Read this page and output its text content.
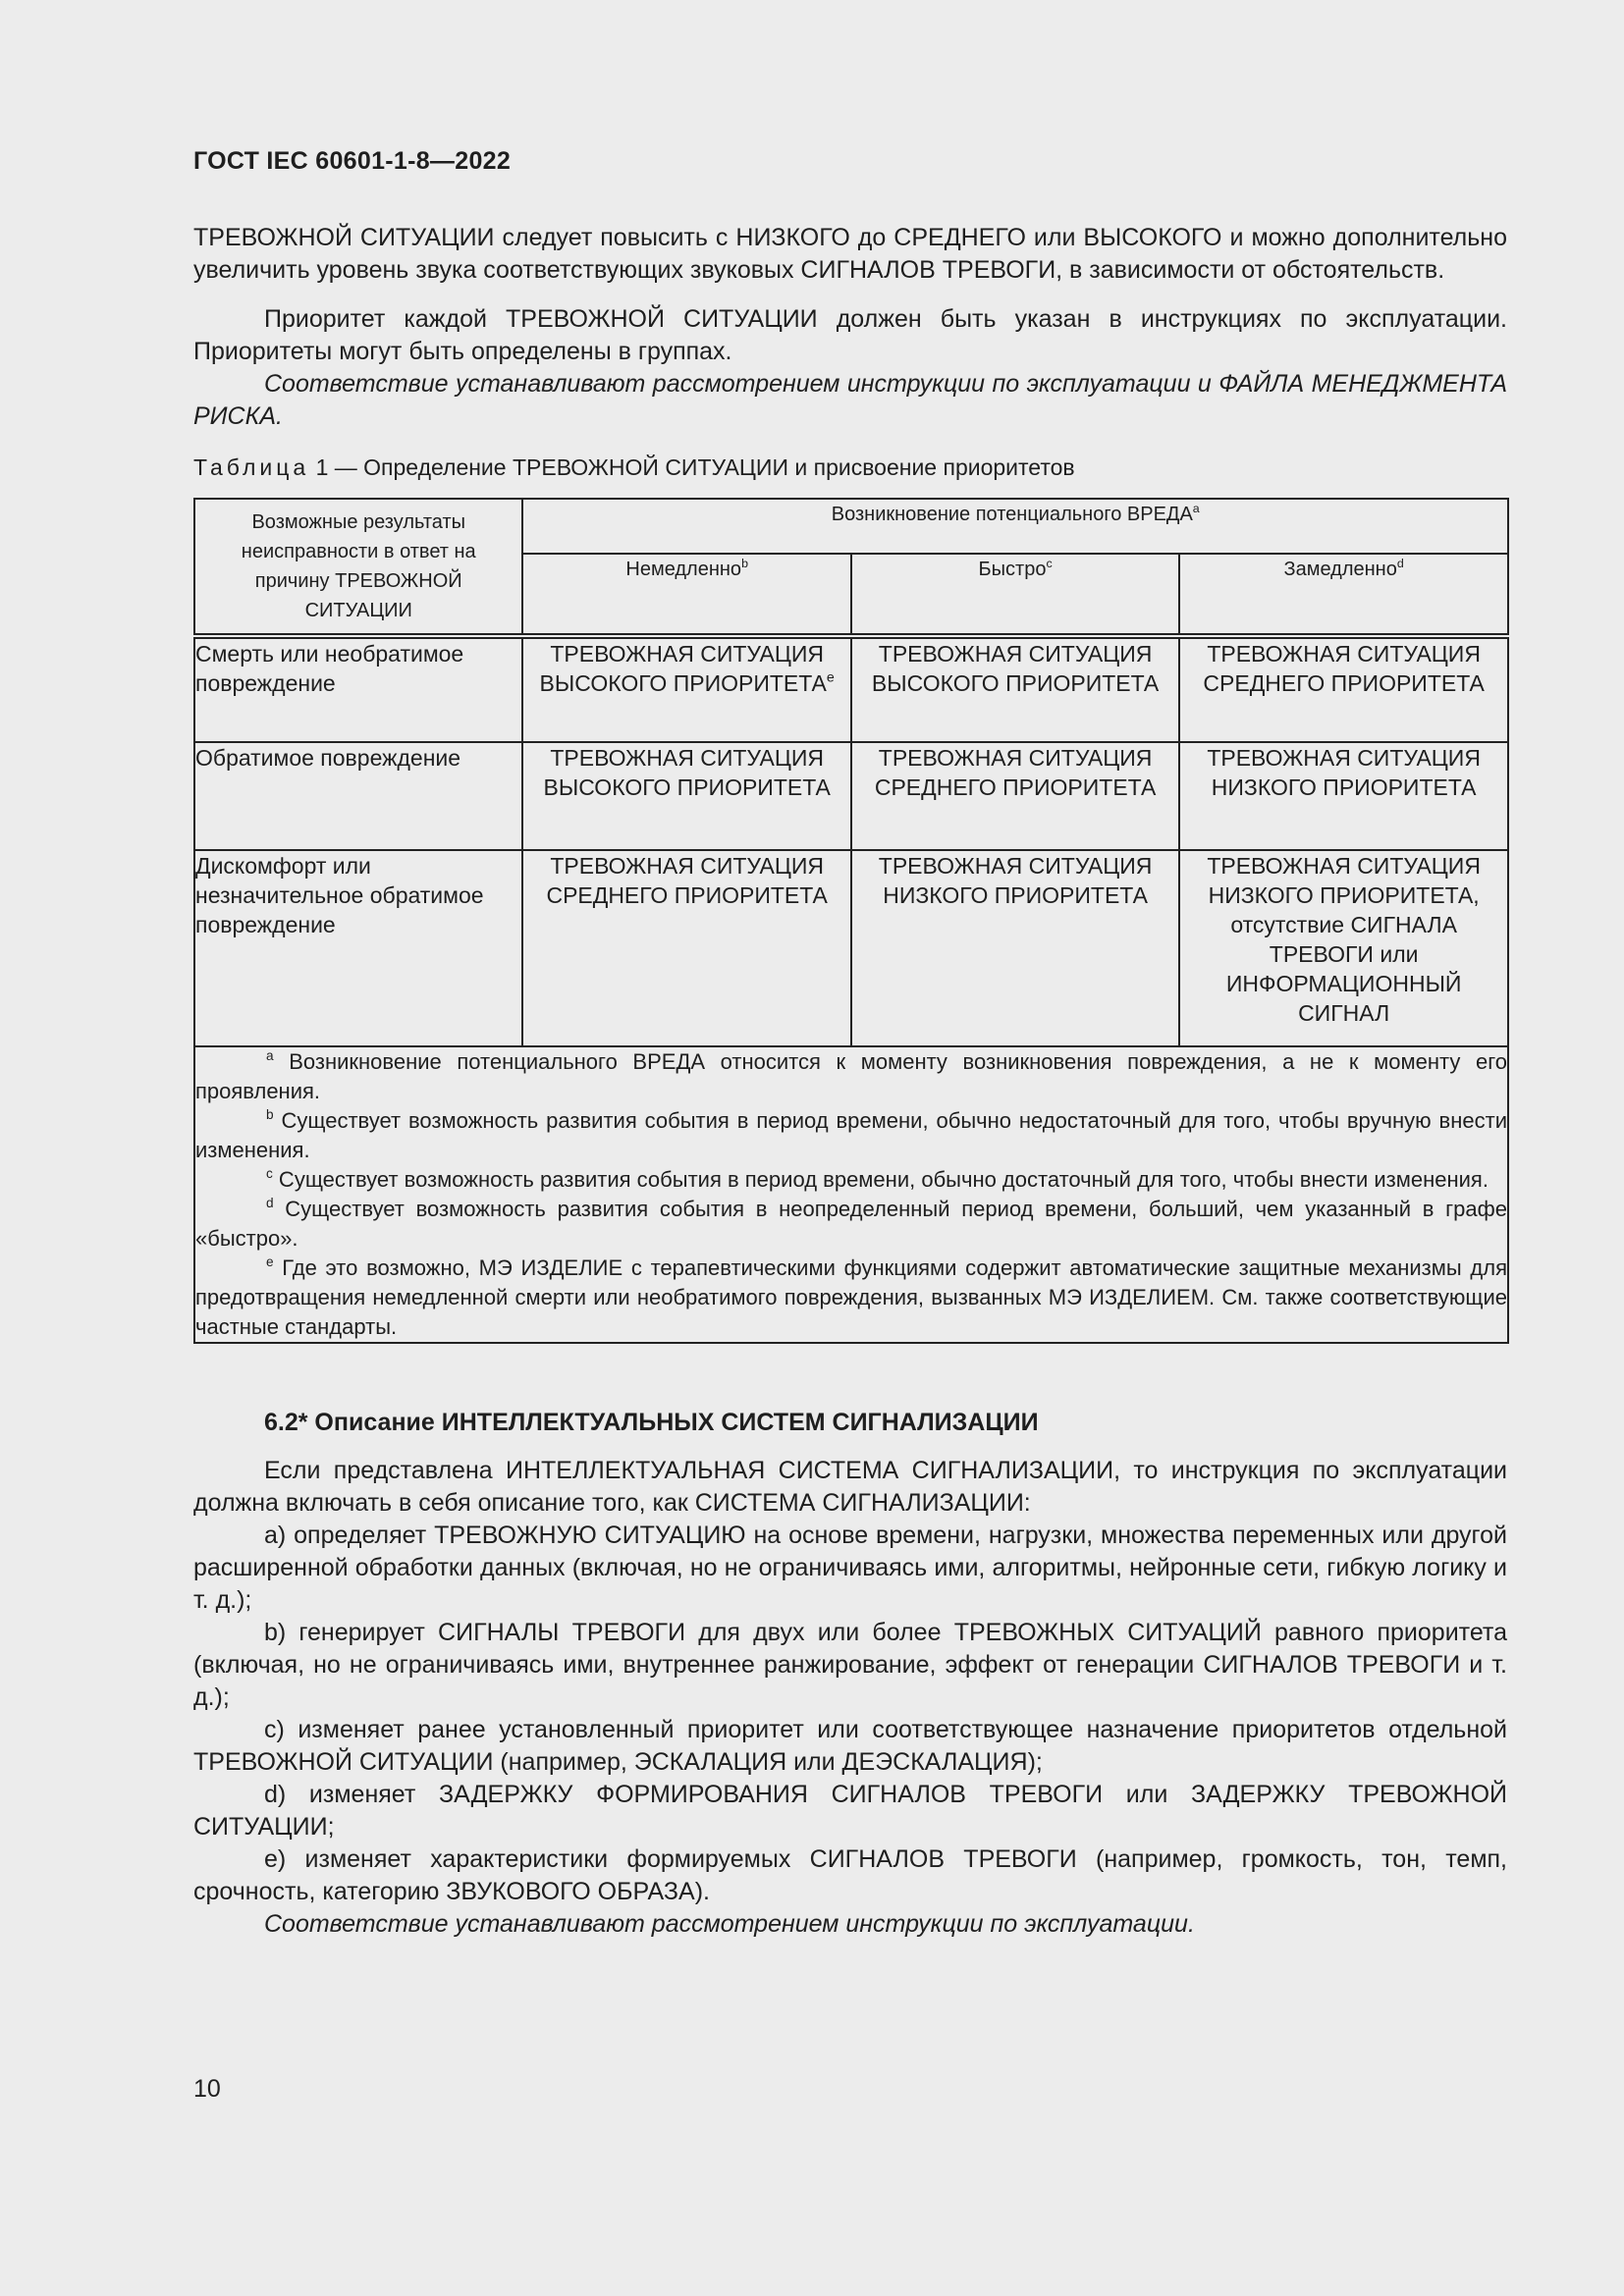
ГОСТ IEC 60601-1-8—2022
ТРЕВОЖНОЙ СИТУАЦИИ следует повысить с НИЗКОГО до СРЕДНЕГО или ВЫСОКОГО и можно дополнительно увеличить уровень звука соответствующих звуковых СИГНАЛОВ ТРЕВОГИ, в зависимости от обстоятельств.
Приоритет каждой ТРЕВОЖНОЙ СИТУАЦИИ должен быть указан в инструкциях по эксплуатации. Приоритеты могут быть определены в группах.
Соответствие устанавливают рассмотрением инструкции по эксплуатации и ФАЙЛА МЕНЕДЖМЕНТА РИСКА.
Таблица 1 — Определение ТРЕВОЖНОЙ СИТУАЦИИ и присвоение приоритетов
Возможные результаты неисправности в ответ на причину ТРЕВОЖНОЙ СИТУАЦИИ	Возникновение потенциального ВРЕДА$^a$
	Немедленно$^b$	Быстро$^c$	Замедленно$^d$
Смерть или необратимое повреждение	ТРЕВОЖНАЯ СИТУАЦИЯ ВЫСОКОГО ПРИОРИТЕТА$^e$	ТРЕВОЖНАЯ СИТУАЦИЯ ВЫСОКОГО ПРИОРИТЕТА	ТРЕВОЖНАЯ СИТУАЦИЯ СРЕДНЕГО ПРИОРИТЕТА
Обратимое повреждение	ТРЕВОЖНАЯ СИТУАЦИЯ ВЫСОКОГО ПРИОРИТЕТА	ТРЕВОЖНАЯ СИТУАЦИЯ СРЕДНЕГО ПРИОРИТЕТА	ТРЕВОЖНАЯ СИТУАЦИЯ НИЗКОГО ПРИОРИТЕТА
Дискомфорт или незначительное обратимое повреждение	ТРЕВОЖНАЯ СИТУАЦИЯ СРЕДНЕГО ПРИОРИТЕТА	ТРЕВОЖНАЯ СИТУАЦИЯ НИЗКОГО ПРИОРИТЕТА	ТРЕВОЖНАЯ СИТУАЦИЯ НИЗКОГО ПРИОРИТЕТА, отсутствие СИГНАЛА ТРЕВОГИ или ИНФОРМАЦИОННЫЙ СИГНАЛ

$^a$ Возникновение потенциального ВРЕДА относится к моменту возникновения повреждения, а не к моменту его проявления.
$^b$ Существует возможность развития события в период времени, обычно недостаточный для того, чтобы вручную внести изменения.
$^c$ Существует возможность развития события в период времени, обычно достаточный для того, чтобы внести изменения.
$^d$ Существует возможность развития события в неопределенный период времени, больший, чем указанный в графе «быстро».
$^e$ Где это возможно, МЭ ИЗДЕЛИЕ с терапевтическими функциями содержит автоматические защитные механизмы для предотвращения немедленной смерти или необратимого повреждения, вызванных МЭ ИЗДЕЛИЕМ. См. также соответствующие частные стандарты.			
6.2* Описание ИНТЕЛЛЕКТУАЛЬНЫХ СИСТЕМ СИГНАЛИЗАЦИИ
Если представлена ИНТЕЛЛЕКТУАЛЬНАЯ СИСТЕМА СИГНАЛИЗАЦИИ, то инструкция по эксплуатации должна включать в себя описание того, как СИСТЕМА СИГНАЛИЗАЦИИ:
а) определяет ТРЕВОЖНУЮ СИТУАЦИЮ на основе времени, нагрузки, множества переменных или другой расширенной обработки данных (включая, но не ограничиваясь ими, алгоритмы, нейронные сети, гибкую логику и т. д.);
b) генерирует СИГНАЛЫ ТРЕВОГИ для двух или более ТРЕВОЖНЫХ СИТУАЦИЙ равного приоритета (включая, но не ограничиваясь ими, внутреннее ранжирование, эффект от генерации СИГНАЛОВ ТРЕВОГИ и т. д.);
c) изменяет ранее установленный приоритет или соответствующее назначение приоритетов отдельной ТРЕВОЖНОЙ СИТУАЦИИ (например, ЭСКАЛАЦИЯ или ДЕЭСКАЛАЦИЯ);
d) изменяет ЗАДЕРЖКУ ФОРМИРОВАНИЯ СИГНАЛОВ ТРЕВОГИ или ЗАДЕРЖКУ ТРЕВОЖНОЙ СИТУАЦИИ;
e) изменяет характеристики формируемых СИГНАЛОВ ТРЕВОГИ (например, громкость, тон, темп, срочность, категорию ЗВУКОВОГО ОБРАЗА).
Соответствие устанавливают рассмотрением инструкции по эксплуатации.
10
